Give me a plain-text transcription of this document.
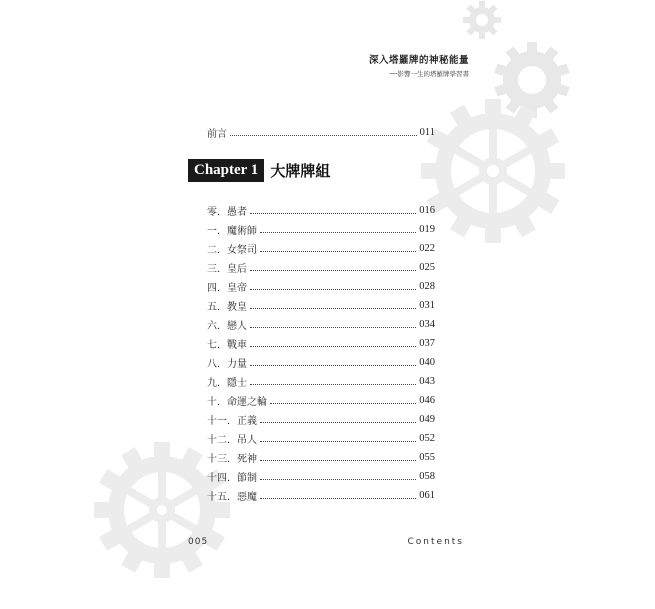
深入塔羅牌的神秘能量
──影響一生的塔羅牌學習書
前言	011
Chapter 1 大牌牌組
零．愚者	016
一．魔術師	019
二．女祭司	022
三．皇后	025
四．皇帝	028
五．教皇	031
六．戀人	034
七．戰車	037
八．力量	040
九．隱士	043
十．命運之輪	046
十一．正義	049
十二．吊人	052
十三．死神	055
十四．節制	058
十五．惡魔	061
005	Contents
